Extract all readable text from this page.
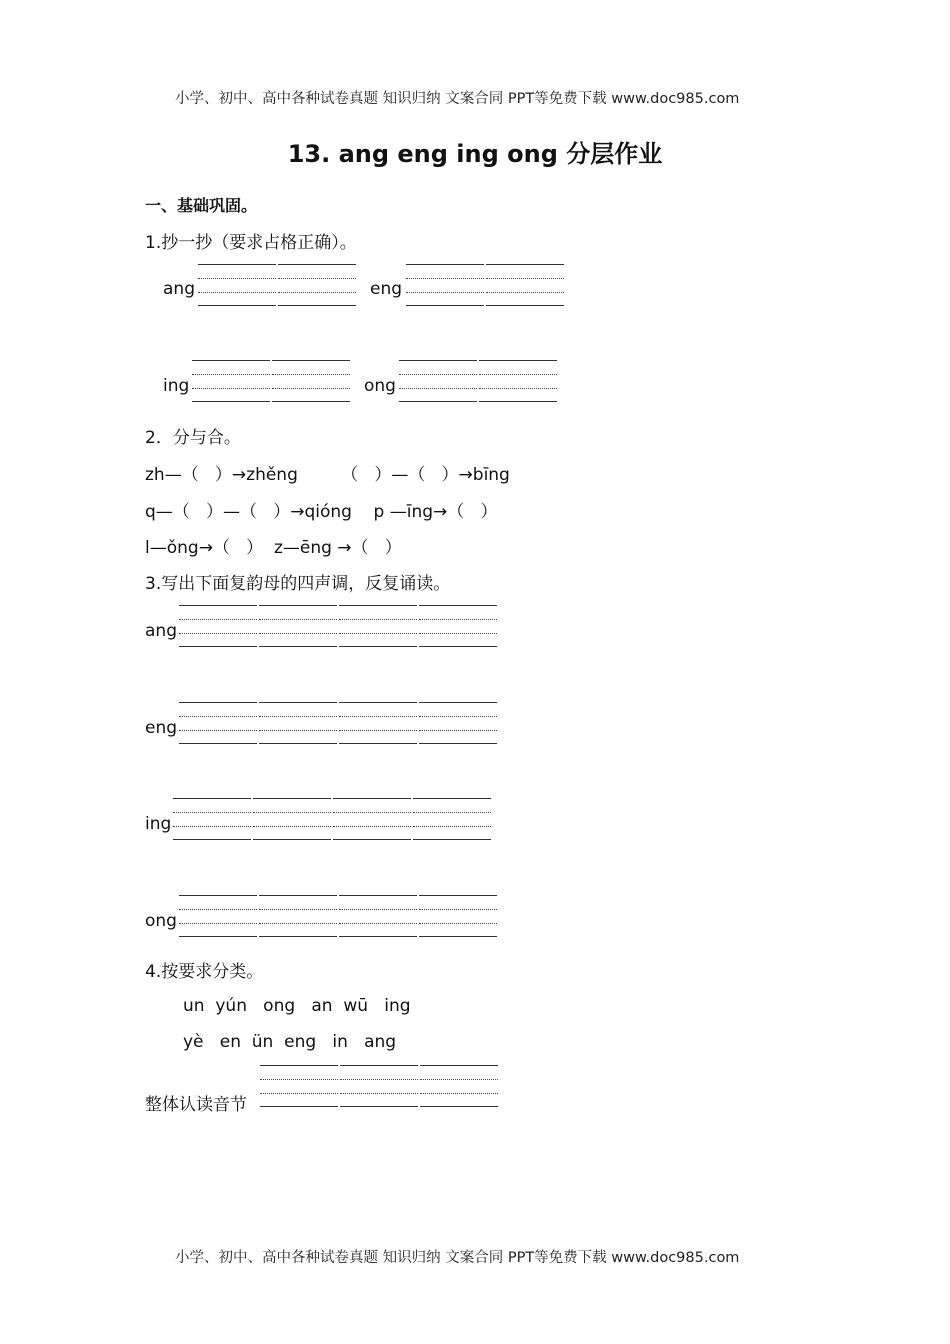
小学、初中、高中各种试卷真题 知识归纳 文案合同 PPT等免费下载 www.doc985.com
13. ang eng ing ong 分层作业
一、基础巩固。
1.抄一抄（要求占格正确）。
ang	eng
ing	ong
2．分与合。
zh—（   ）→zhěng        （   ）—（   ）→bīng
q—（   ）—（   ）→qióng    p —īng→（   ）
l—ǒng→（   ）  z—ēng →（   ）
3.写出下面复韵母的四声调，反复诵读。
ang
eng
ing
ong
4.按要求分类。
un  yún   ong   an  wū   ing
yè   en  ün  eng   in   ang
整体认读音节
小学、初中、高中各种试卷真题 知识归纳 文案合同 PPT等免费下载 www.doc985.com
